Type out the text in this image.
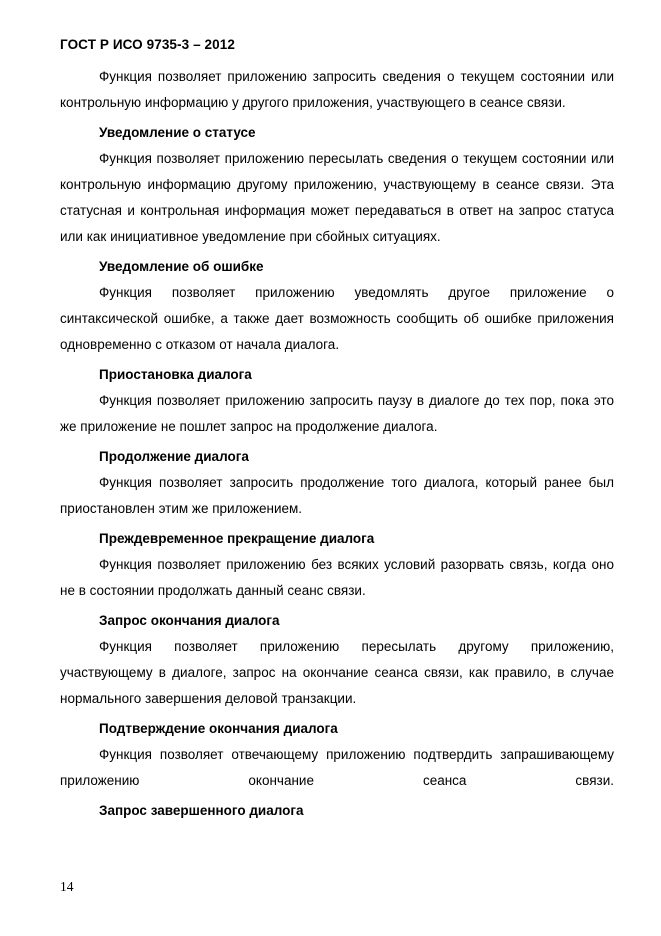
ГОСТ Р ИСО 9735-3 – 2012

Функция позволяет приложению запросить сведения о текущем состоянии или контрольную информацию у другого приложения, участвующего в сеансе связи.

Уведомление о статусе

Функция позволяет приложению пересылать сведения о текущем состоянии или контрольную информацию другому приложению, участвующему в сеансе связи. Эта статусная и контрольная информация может передаваться в ответ на запрос статуса или как инициативное уведомление при сбойных ситуациях.

Уведомление об ошибке

Функция позволяет приложению уведомлять другое приложение о синтаксической ошибке, а также дает возможность сообщить об ошибке приложения одновременно с отказом от начала диалога.

Приостановка диалога

Функция позволяет приложению запросить паузу в диалоге до тех пор, пока это же приложение не пошлет запрос на продолжение диалога.

Продолжение диалога

Функция позволяет запросить продолжение того диалога, который ранее был приостановлен этим же приложением.

Преждевременное прекращение диалога

Функция позволяет приложению без всяких условий разорвать связь, когда оно не в состоянии продолжать данный сеанс связи.

Запрос окончания диалога

Функция позволяет приложению пересылать другому приложению, участвующему в диалоге, запрос на окончание сеанса связи, как правило, в случае нормального завершения деловой транзакции.

Подтверждение окончания диалога

Функция позволяет отвечающему приложению подтвердить запрашивающему приложению окончание сеанса связи.

Запрос завершенного диалога
14
